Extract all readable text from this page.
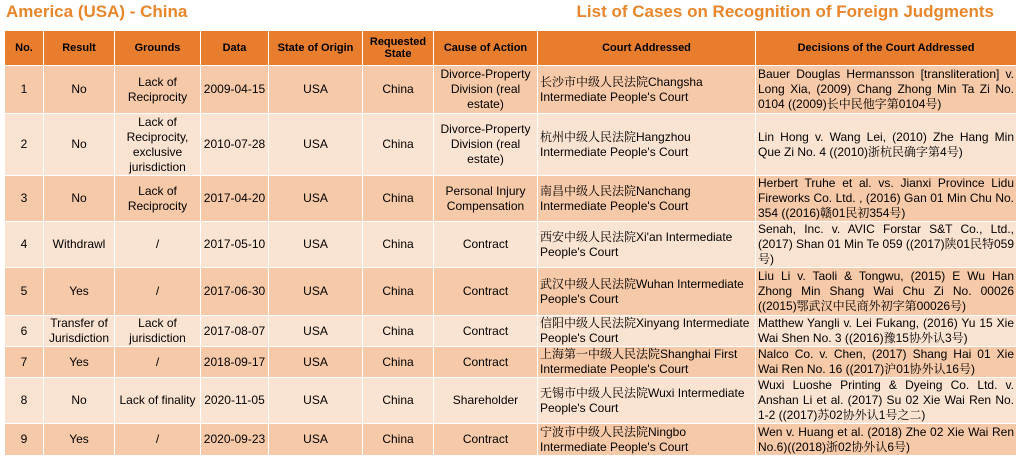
America (USA) - China	List of Cases on Recognition of Foreign Judgments
No.	Result	Grounds	Data	State of Origin	Requested State	Cause of Action	Court Addressed	Decisions of the Court Addressed
1	No	Lack of Reciprocity	2009-04-15	USA	China	Divorce-Property Division (real estate)	长沙市中级人民法院Changsha Intermediate People's Court	Bauer Douglas Hermansson [transliteration] v. Long Xia, (2009) Chang Zhong Min Ta Zi No. 0104 ((2009)长中民他字第0104号)
2	No	Lack of Reciprocity, exclusive jurisdiction	2010-07-28	USA	China	Divorce-Property Division (real estate)	杭州中级人民法院Hangzhou Intermediate People's Court	Lin Hong v. Wang Lei, (2010) Zhe Hang Min Que Zi No. 4 ((2010)浙杭民确字第4号)
3	No	Lack of Reciprocity	2017-04-20	USA	China	Personal Injury Compensation	南昌中级人民法院Nanchang Intermediate People's Court	Herbert Truhe et al. vs. Jianxi Province Lidu Fireworks Co. Ltd. , (2016) Gan 01 Min Chu No. 354 ((2016)赣01民初354号)
4	Withdrawl	/	2017-05-10	USA	China	Contract	西安中级人民法院Xi'an Intermediate People's Court	Senah, Inc. v. AVIC Forstar S&T Co., Ltd., (2017) Shan 01 Min Te 059 ((2017)陕01民特059号)
5	Yes	/	2017-06-30	USA	China	Contract	武汉中级人民法院Wuhan Intermediate People's Court	Liu Li v. Taoli & Tongwu, (2015) E Wu Han Zhong Min Shang Wai Chu Zi No. 00026 ((2015)鄂武汉中民商外初字第00026号)
6	Transfer of Jurisdiction	Lack of jurisdiction	2017-08-07	USA	China	Contract	信阳中级人民法院Xinyang Intermediate People's Court	Matthew Yangli v. Lei Fukang, (2016) Yu 15 Xie Wai Shen No. 3 ((2016)豫15协外认3号)
7	Yes	/	2018-09-17	USA	China	Contract	上海第一中级人民法院Shanghai First Intermediate People's Court	Nalco Co. v. Chen, (2017) Shang Hai 01 Xie Wai Ren No. 16 ((2017)沪01协外认16号)
8	No	Lack of finality	2020-11-05	USA	China	Shareholder	无锡市中级人民法院Wuxi Intermediate People's Court	Wuxi Luoshe Printing & Dyeing Co. Ltd. v. Anshan Li et al. (2017) Su 02 Xie Wai Ren No. 1-2 ((2017)苏02协外认1号之二)
9	Yes	/	2020-09-23	USA	China	Contract	宁波市中级人民法院Ningbo Intermediate People's Court	Wen v. Huang et al. (2018) Zhe 02 Xie Wai Ren No.6)((2018)浙02协外认6号)
